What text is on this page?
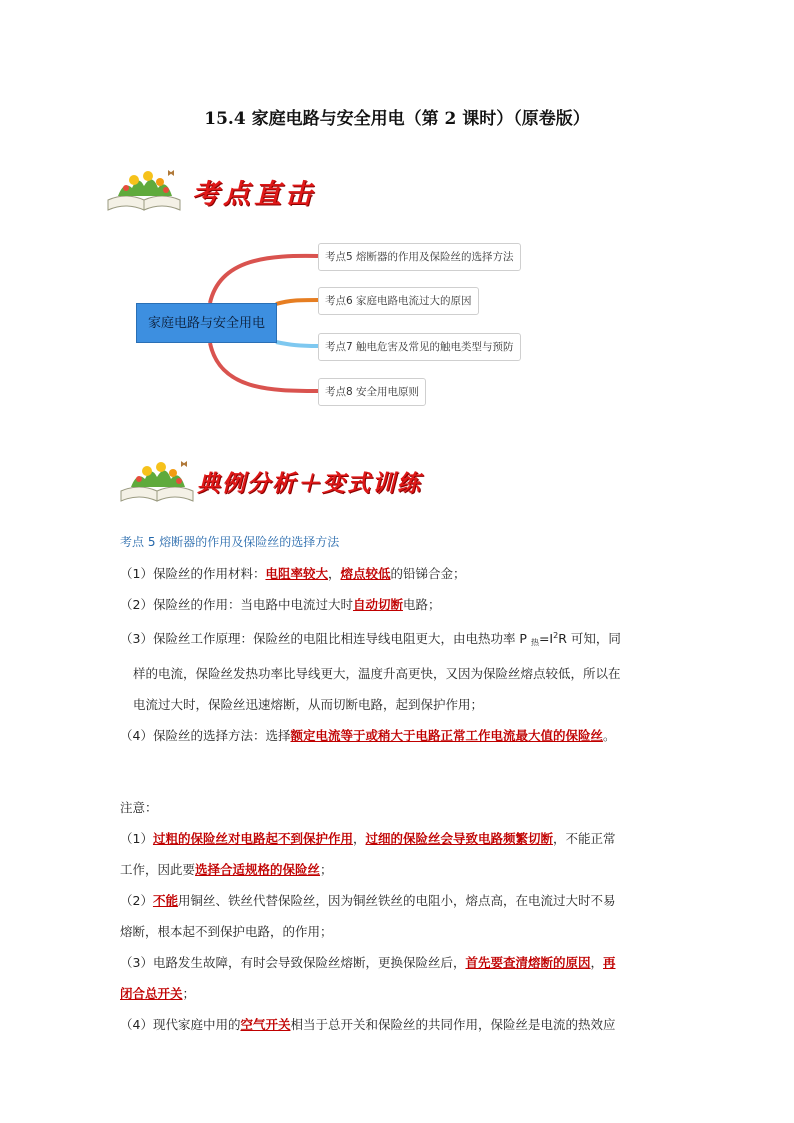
15.4 家庭电路与安全用电（第 2 课时）（原卷版）
考点直击
家庭电路与安全用电
考点5 熔断器的作用及保险丝的选择方法
考点6 家庭电路电流过大的原因
考点7 触电危害及常见的触电类型与预防
考点8 安全用电原则
典例分析＋变式训练
考点 5 熔断器的作用及保险丝的选择方法
（1）保险丝的作用材料：电阻率较大，熔点较低的铅锑合金；
（2）保险丝的作用：当电路中电流过大时自动切断电路；
（3）保险丝工作原理：保险丝的电阻比相连导线电阻更大，由电热功率 P $_热=I^2R$ 可知，同
样的电流，保险丝发热功率比导线更大，温度升高更快，又因为保险丝熔点较低，所以在
电流过大时，保险丝迅速熔断，从而切断电路，起到保护作用；
（4）保险丝的选择方法：选择额定电流等于或稍大于电路正常工作电流最大值的保险丝。
注意：
（1）过粗的保险丝对电路起不到保护作用，过细的保险丝会导致电路频繁切断，不能正常
工作，因此要选择合适规格的保险丝；
（2）不能用铜丝、铁丝代替保险丝，因为铜丝铁丝的电阻小，熔点高，在电流过大时不易
熔断，根本起不到保护电路，的作用；
（3）电路发生故障，有时会导致保险丝熔断，更换保险丝后，首先要查清熔断的原因，再
闭合总开关；
（4）现代家庭中用的空气开关相当于总开关和保险丝的共同作用，保险丝是电流的热效应
